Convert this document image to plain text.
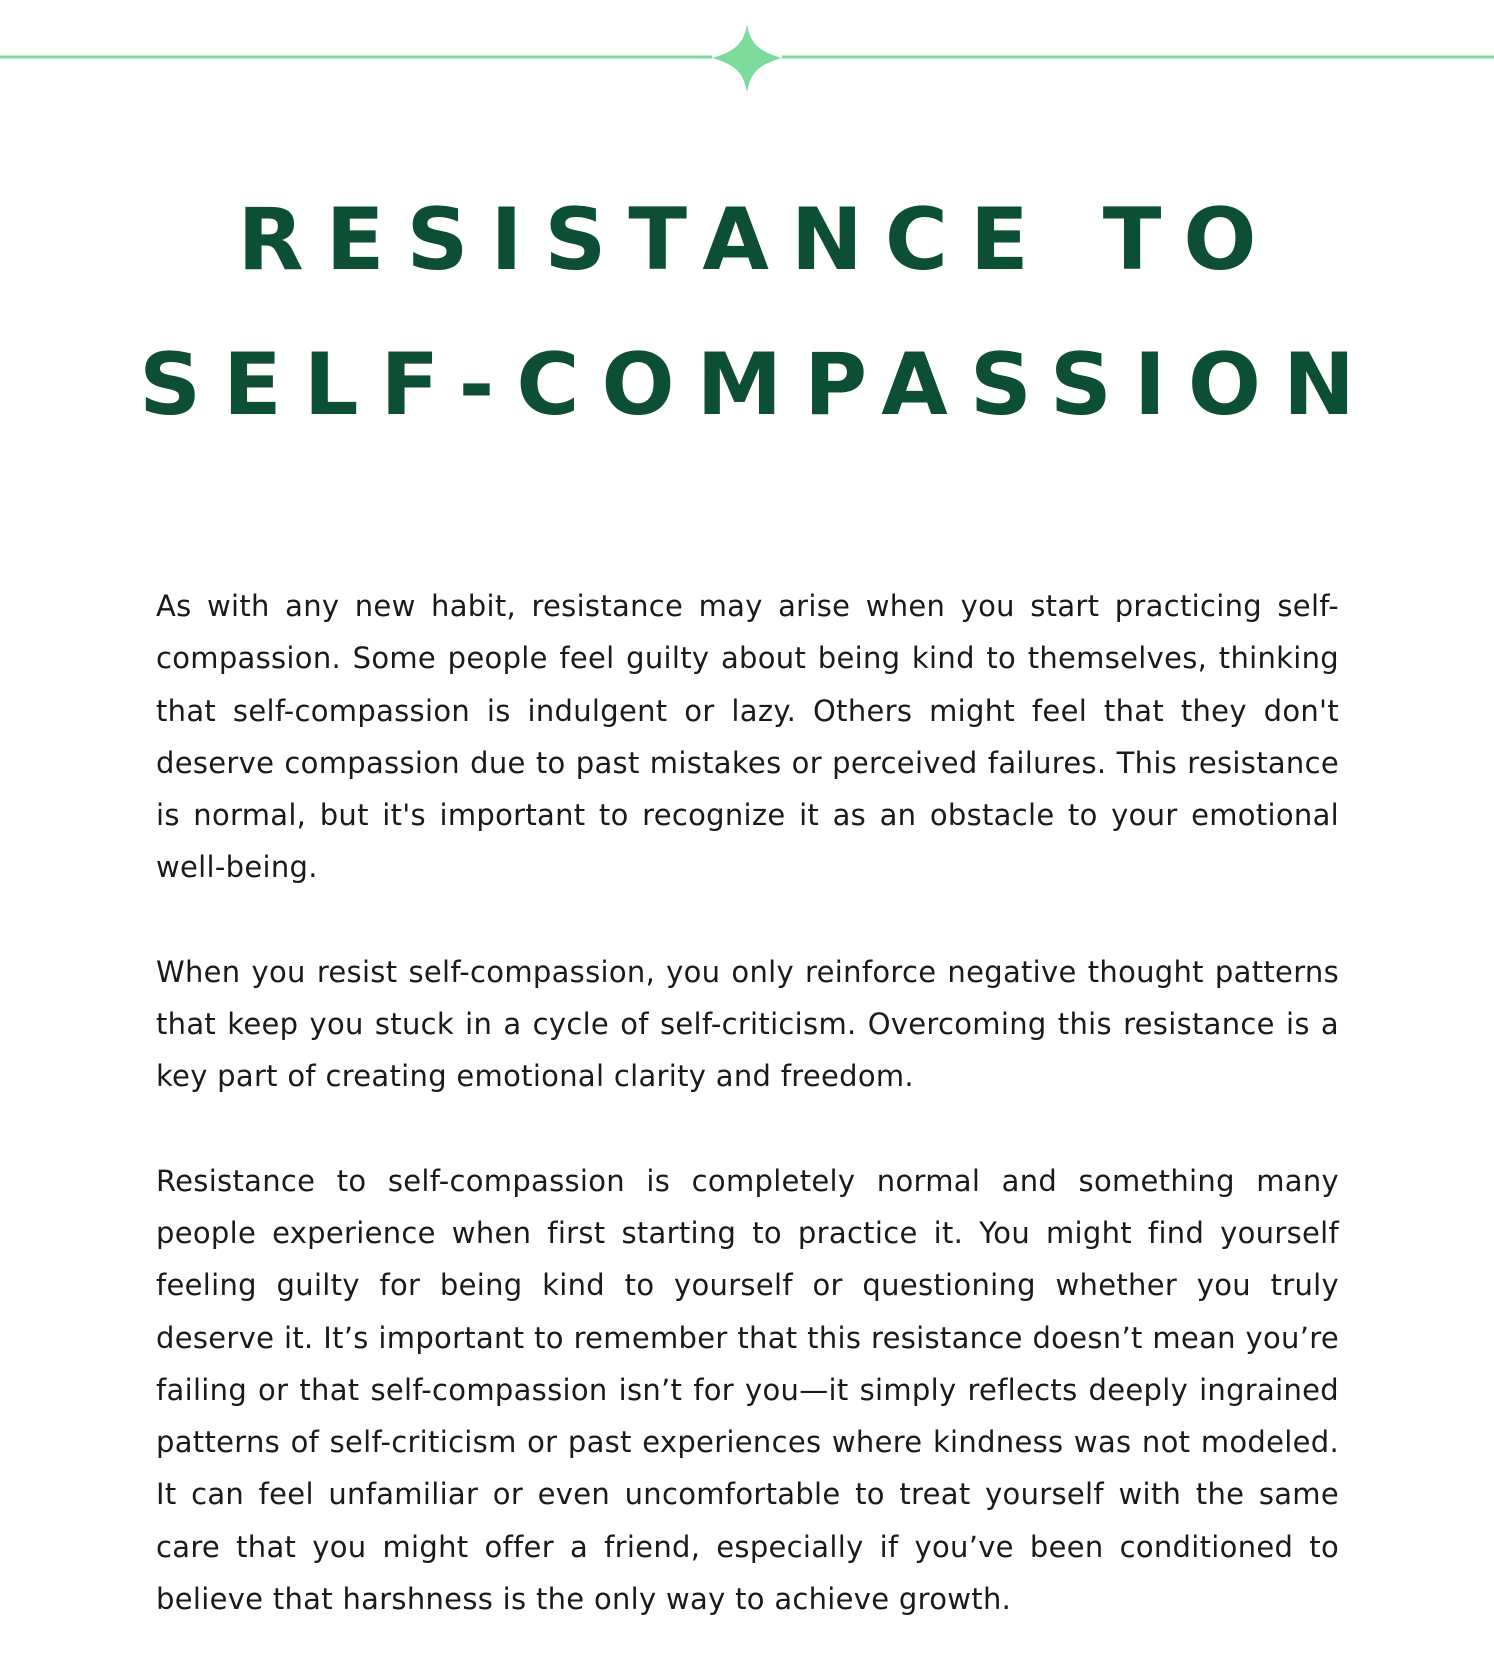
RESISTANCE TO
SELF-COMPASSION

As with any new habit, resistance may arise when you start practicing self-compassion. Some people feel guilty about being kind to themselves, thinking that self-compassion is indulgent or lazy. Others might feel that they don't deserve compassion due to past mistakes or perceived failures. This resistance is normal, but it's important to recognize it as an obstacle to your emotional well-being.

When you resist self-compassion, you only reinforce negative thought patterns that keep you stuck in a cycle of self-criticism. Overcoming this resistance is a key part of creating emotional clarity and freedom.

Resistance to self-compassion is completely normal and something many people experience when first starting to practice it. You might find yourself feeling guilty for being kind to yourself or questioning whether you truly deserve it. It’s important to remember that this resistance doesn’t mean you’re failing or that self-compassion isn’t for you—it simply reflects deeply ingrained patterns of self-criticism or past experiences where kindness was not modeled. It can feel unfamiliar or even uncomfortable to treat yourself with the same care that you might offer a friend, especially if you’ve been conditioned to believe that harshness is the only way to achieve growth.
